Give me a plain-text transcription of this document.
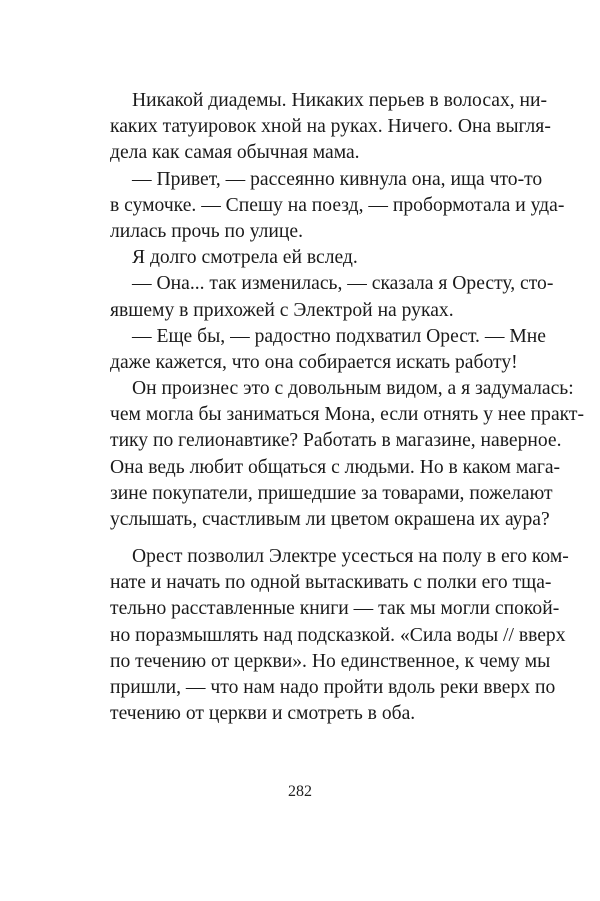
Никакой диадемы. Никаких перьев в волосах, ни-
каких татуировок хной на руках. Ничего. Она выгля-
дела как самая обычная мама.
— Привет, — рассеянно кивнула она, ища что-то
в сумочке. — Спешу на поезд, — пробормотала и уда-
лилась прочь по улице.
Я долго смотрела ей вслед.
— Она... так изменилась, — сказала я Оресту, сто-
явшему в прихожей с Электрой на руках.
— Еще бы, — радостно подхватил Орест. — Мне
даже кажется, что она собирается искать работу!
Он произнес это с довольным видом, а я задумалась:
чем могла бы заниматься Мона, если отнять у нее практ-
тику по гелионавтике? Работать в магазине, наверное.
Она ведь любит общаться с людьми. Но в каком мага-
зине покупатели, пришедшие за товарами, пожелают
услышать, счастливым ли цветом окрашена их аура?
Орест позволил Электре усесться на полу в его ком-
нате и начать по одной вытаскивать с полки его тща-
тельно расставленные книги — так мы могли спокой-
но поразмышлять над подсказкой. «Сила воды // вверх
по течению от церкви». Но единственное, к чему мы
пришли, — что нам надо пройти вдоль реки вверх по
течению от церкви и смотреть в оба.
282
